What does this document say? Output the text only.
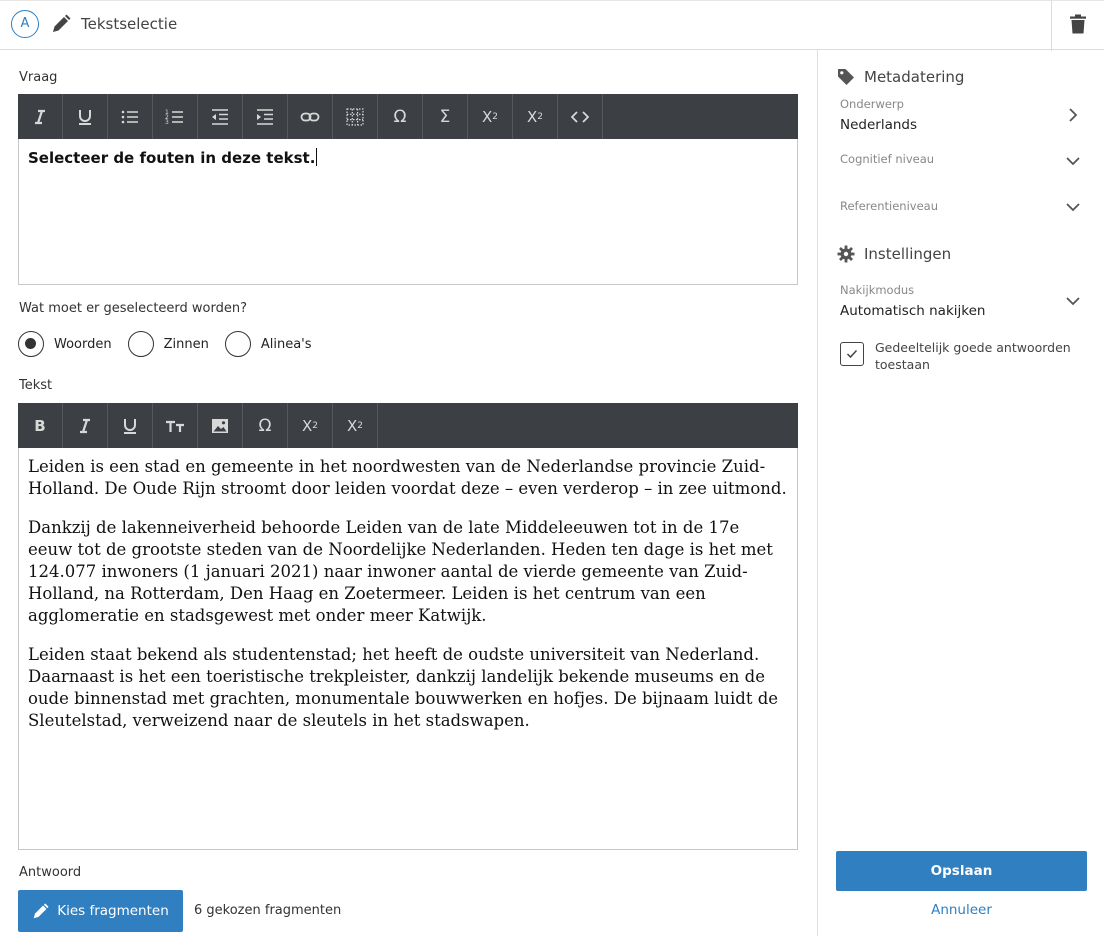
A	Tekstselectie
Vraag
1
2
3	Ω	Σ	X 2	X 2
Selecteer de fouten in deze tekst.
Wat moet er geselecteerd worden?
Woorden	Zinnen	Alinea's
Tekst
B	Ω	X 2	X 2

Leiden is een stad en gemeente in het noordwesten van de Nederlandse provincie Zuid-Holland. De Oude Rijn stroomt door leiden voordat deze – even verderop – in zee uitmond.

Dankzij de lakenneiverheid behoorde Leiden van de late Middeleeuwen tot in de 17e eeuw tot de grootste steden van de Noordelijke Nederlanden. Heden ten dage is het met 124.077 inwoners (1 januari 2021) naar inwoner aantal de vierde gemeente van Zuid-Holland, na Rotterdam, Den Haag en Zoetermeer. Leiden is het centrum van een agglomeratie en stadsgewest met onder meer Katwijk.

Leiden staat bekend als studentenstad; het heeft de oudste universiteit van Nederland. Daarnaast is het een toeristische trekpleister, dankzij landelijk bekende museums en de oude binnenstad met grachten, monumentale bouwwerken en hofjes. De bijnaam luidt de Sleutelstad, verweizend naar de sleutels in het stadswapen.

Antwoord
Kies fragmenten 6 gekozen fragmenten
Metadatering
Onderwerp
Nederlands
Cognitief niveau
Referentieniveau
Instellingen
Nakijkmodus
Automatisch nakijken
Gedeeltelijk goede antwoorden toestaan
Opslaan
Annuleer
